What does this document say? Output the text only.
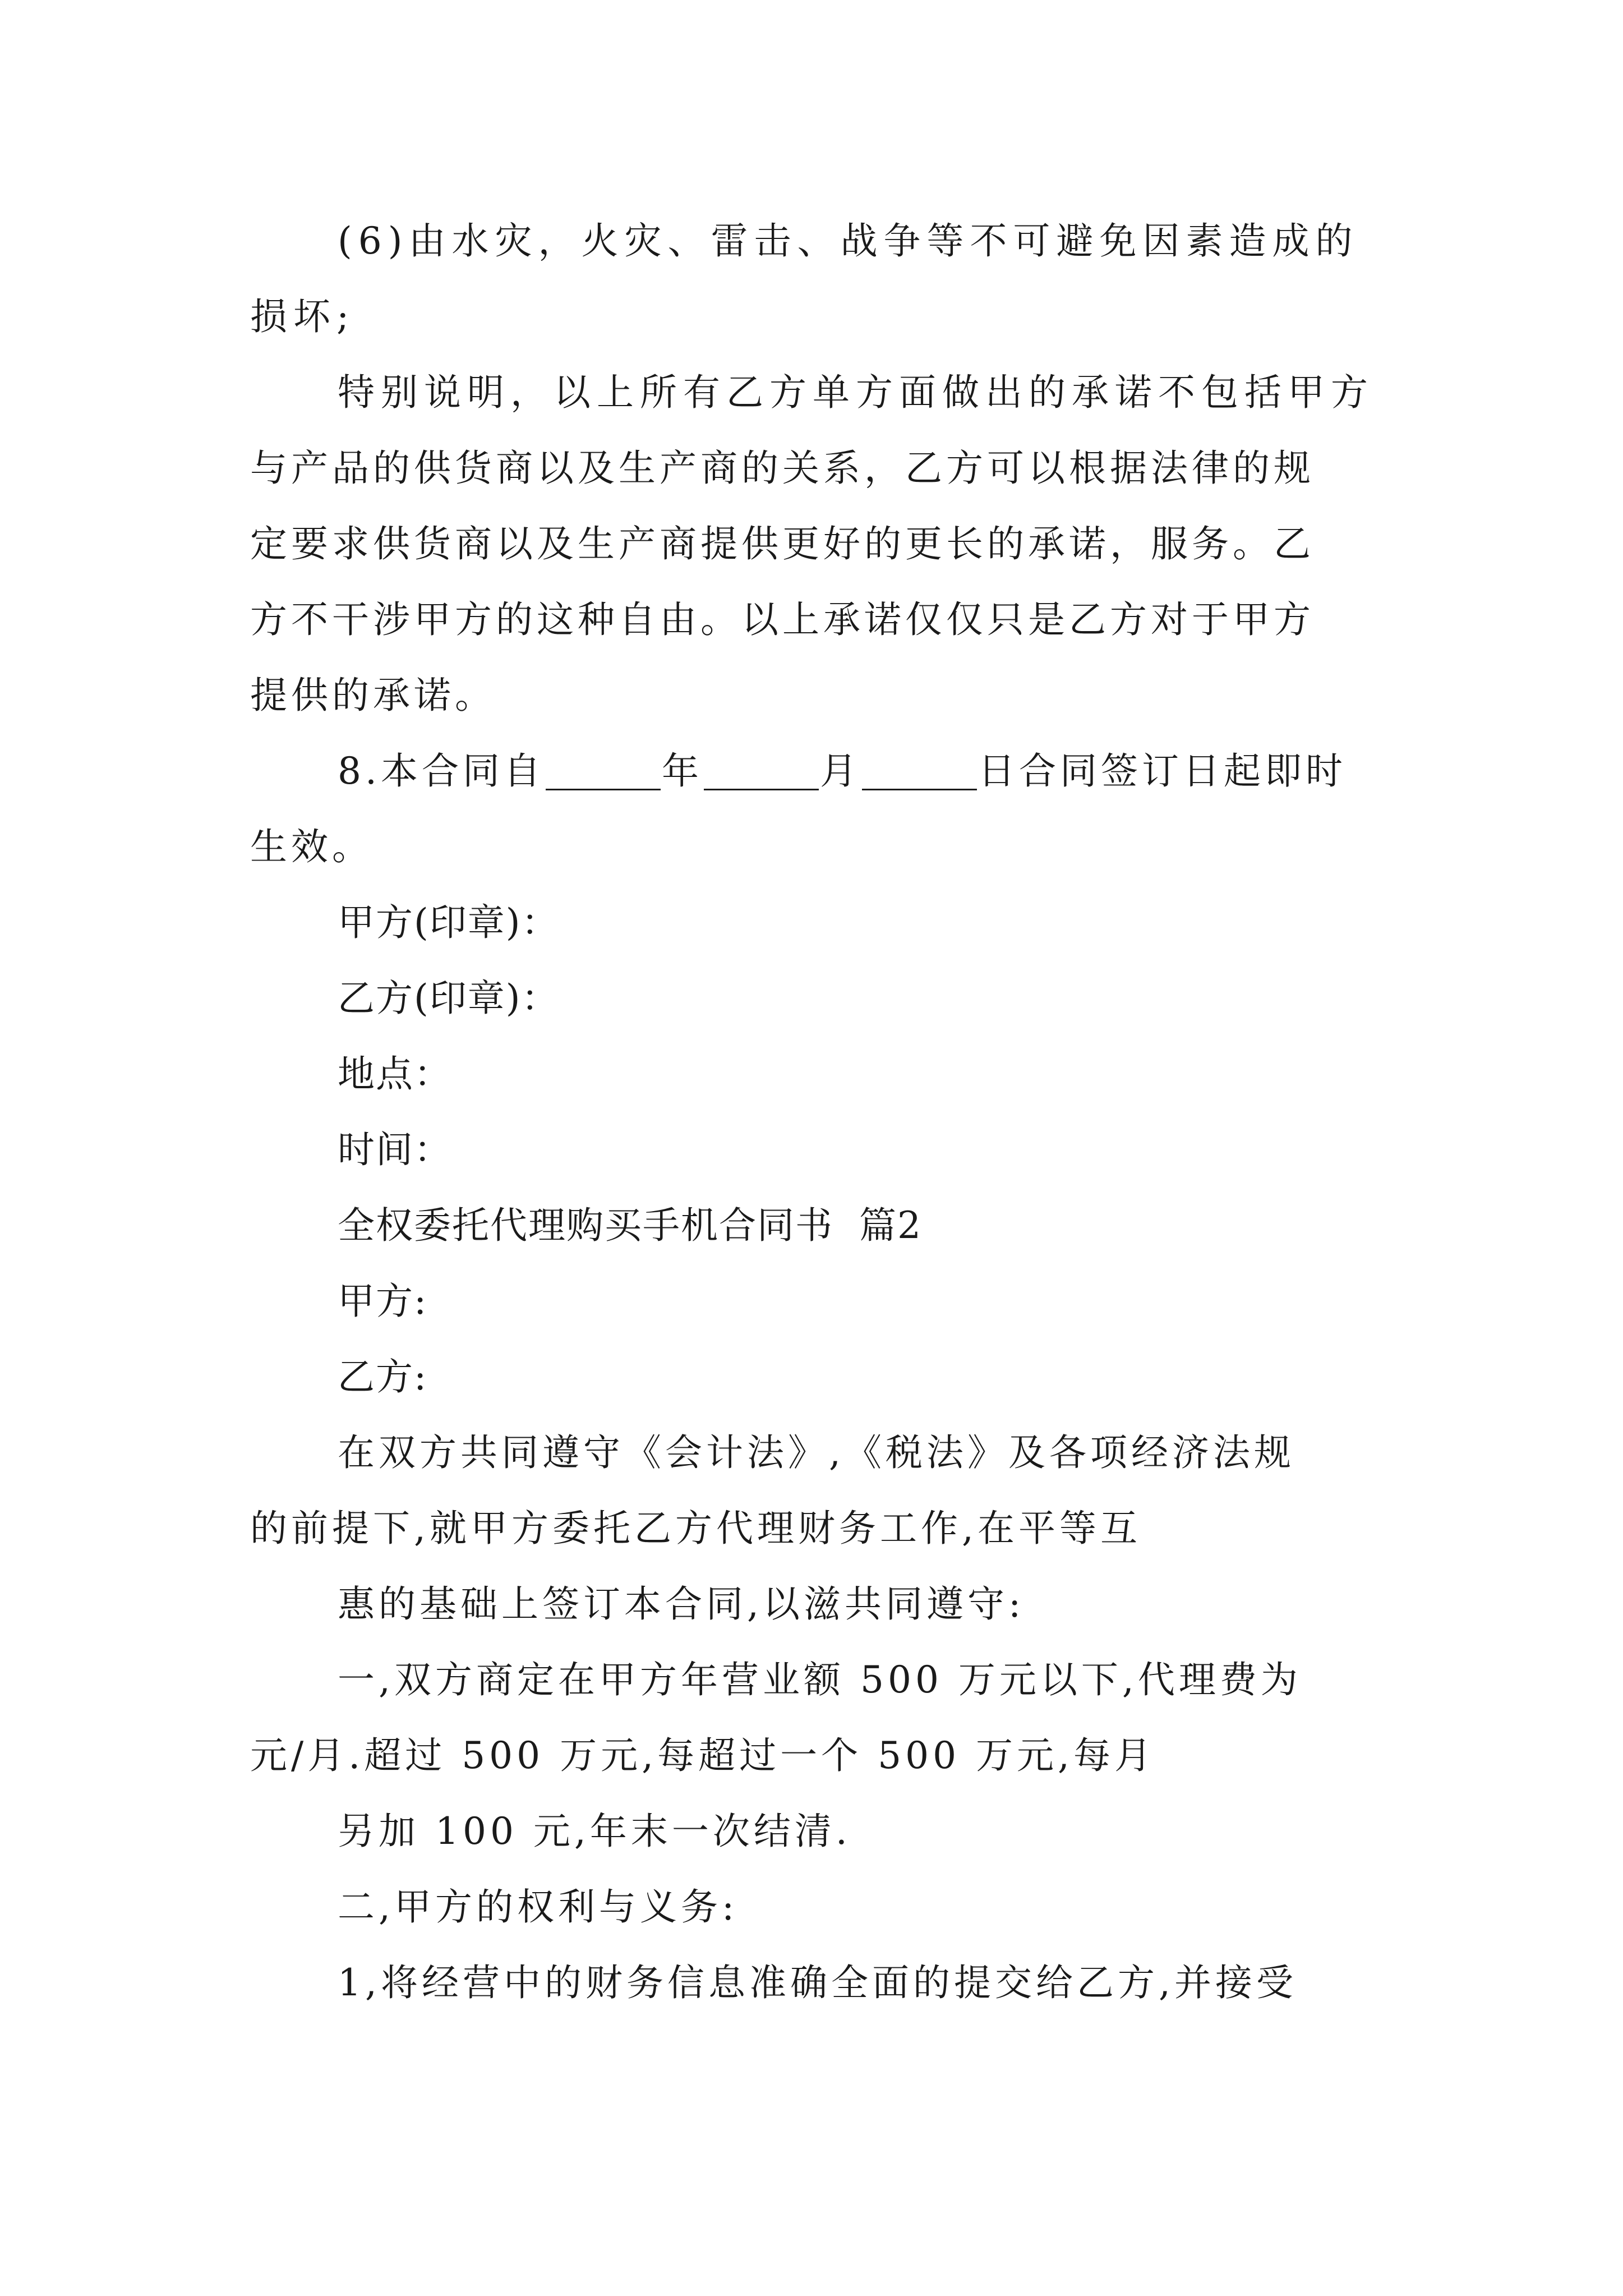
(6)由水灾，火灾、雷击、战争等不可避免因素造成的
损坏;
特别说明，以上所有乙方单方面做出的承诺不包括甲方
与产品的供货商以及生产商的关系，乙方可以根据法律的规
定要求供货商以及生产商提供更好的更长的承诺，服务。乙
方不干涉甲方的这种自由。以上承诺仅仅只是乙方对于甲方
提供的承诺。
8.本合同自	年	月	日合同签订日起即时
生效。
甲方(印章)：
乙方(印章)：
地点：
时间：
全权委托代理购买手机合同书  篇2
甲方:
乙方:
在双方共同遵守《会计法》,《税法》及各项经济法规
的前提下,就甲方委托乙方代理财务工作,在平等互
惠的基础上签订本合同,以滋共同遵守:
一,双方商定在甲方年营业额 500 万元以下,代理费为
元/月.超过 500 万元,每超过一个 500 万元,每月
另加 100 元,年末一次结清.
二,甲方的权利与义务:
1,将经营中的财务信息准确全面的提交给乙方,并接受
